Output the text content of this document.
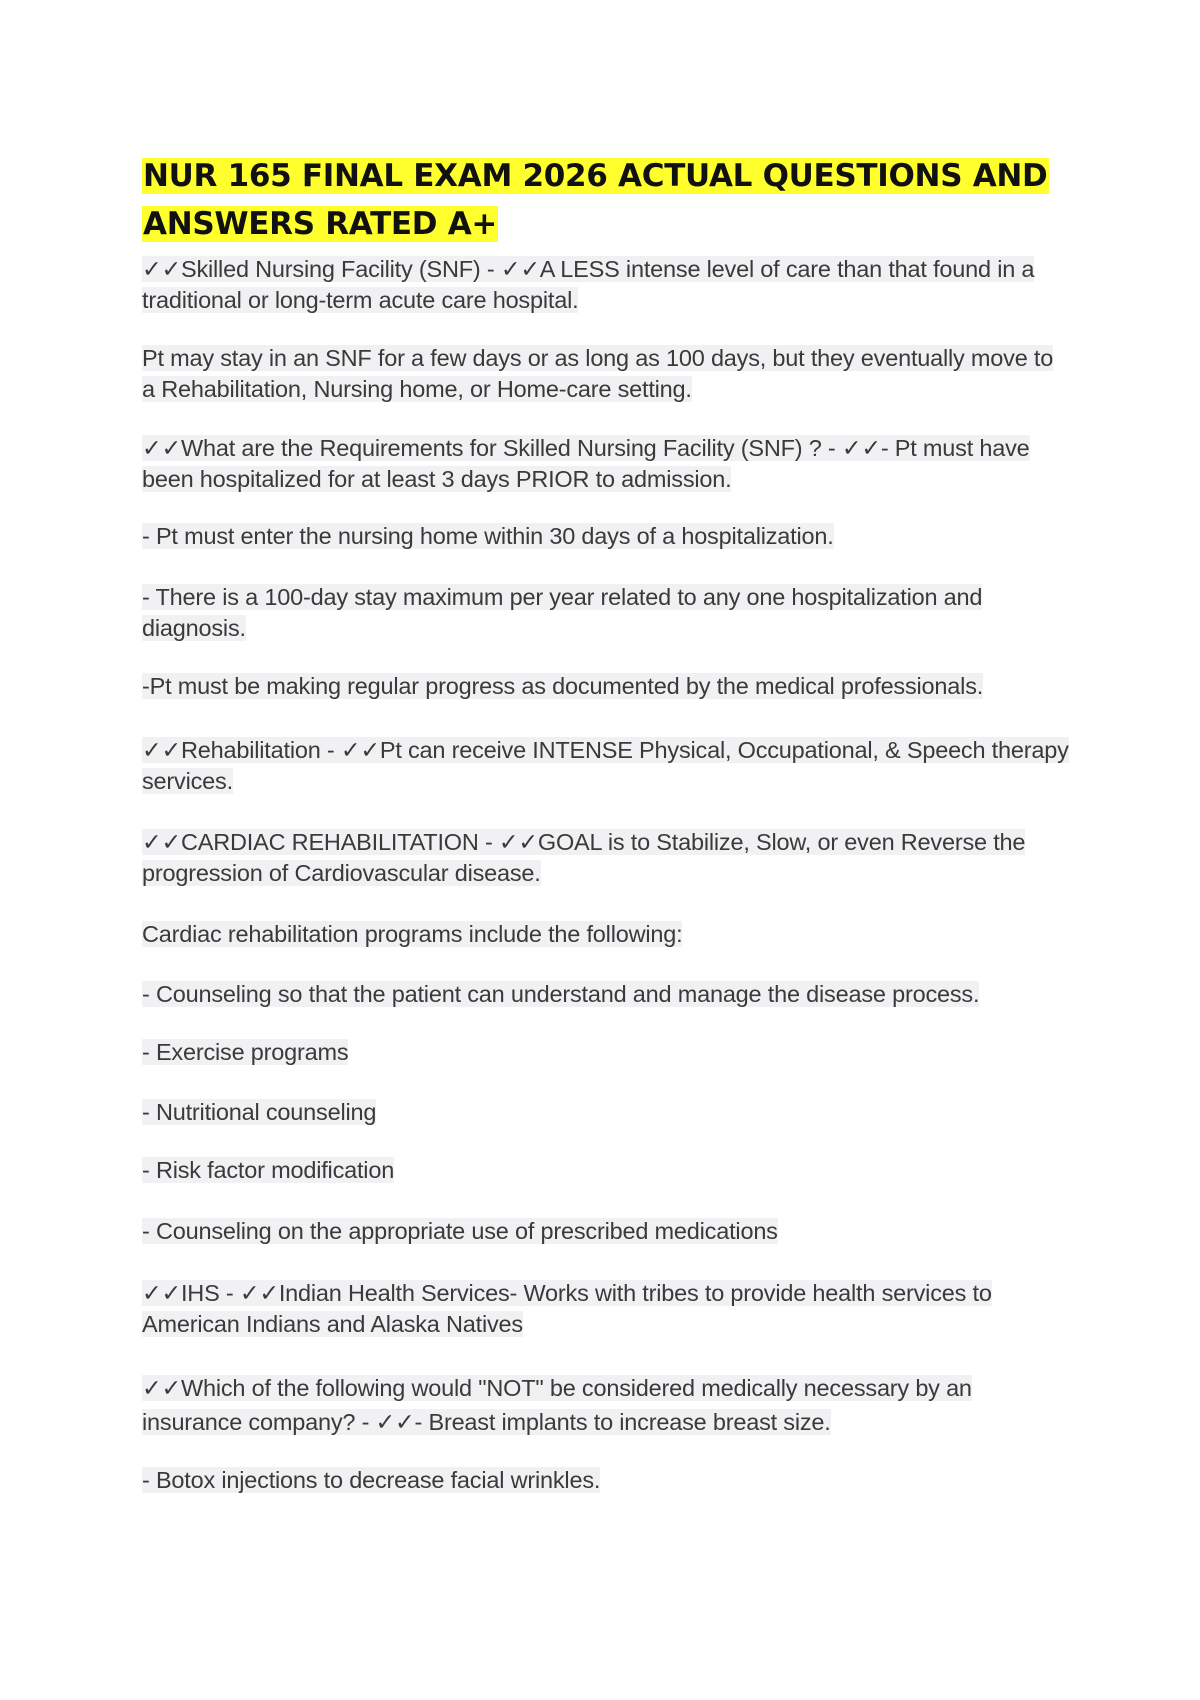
NUR 165 FINAL EXAM 2026 ACTUAL QUESTIONS AND ANSWERS RATED A+

✓✓Skilled Nursing Facility (SNF) - ✓✓A LESS intense level of care than that found in a traditional or long-term acute care hospital.

Pt may stay in an SNF for a few days or as long as 100 days, but they eventually move to a Rehabilitation, Nursing home, or Home-care setting.

✓✓What are the Requirements for Skilled Nursing Facility (SNF) ? - ✓✓- Pt must have been hospitalized for at least 3 days PRIOR to admission.

- Pt must enter the nursing home within 30 days of a hospitalization.

- There is a 100-day stay maximum per year related to any one hospitalization and diagnosis.

-Pt must be making regular progress as documented by the medical professionals.

✓✓Rehabilitation - ✓✓Pt can receive INTENSE Physical, Occupational, & Speech therapy services.

✓✓CARDIAC REHABILITATION - ✓✓GOAL is to Stabilize, Slow, or even Reverse the progression of Cardiovascular disease.

Cardiac rehabilitation programs include the following:

- Counseling so that the patient can understand and manage the disease process.

- Exercise programs

- Nutritional counseling

- Risk factor modification

- Counseling on the appropriate use of prescribed medications

✓✓IHS - ✓✓Indian Health Services- Works with tribes to provide health services to American Indians and Alaska Natives

✓✓Which of the following would "NOT" be considered medically necessary by an insurance company? - ✓✓- Breast implants to increase breast size.

- Botox injections to decrease facial wrinkles.
